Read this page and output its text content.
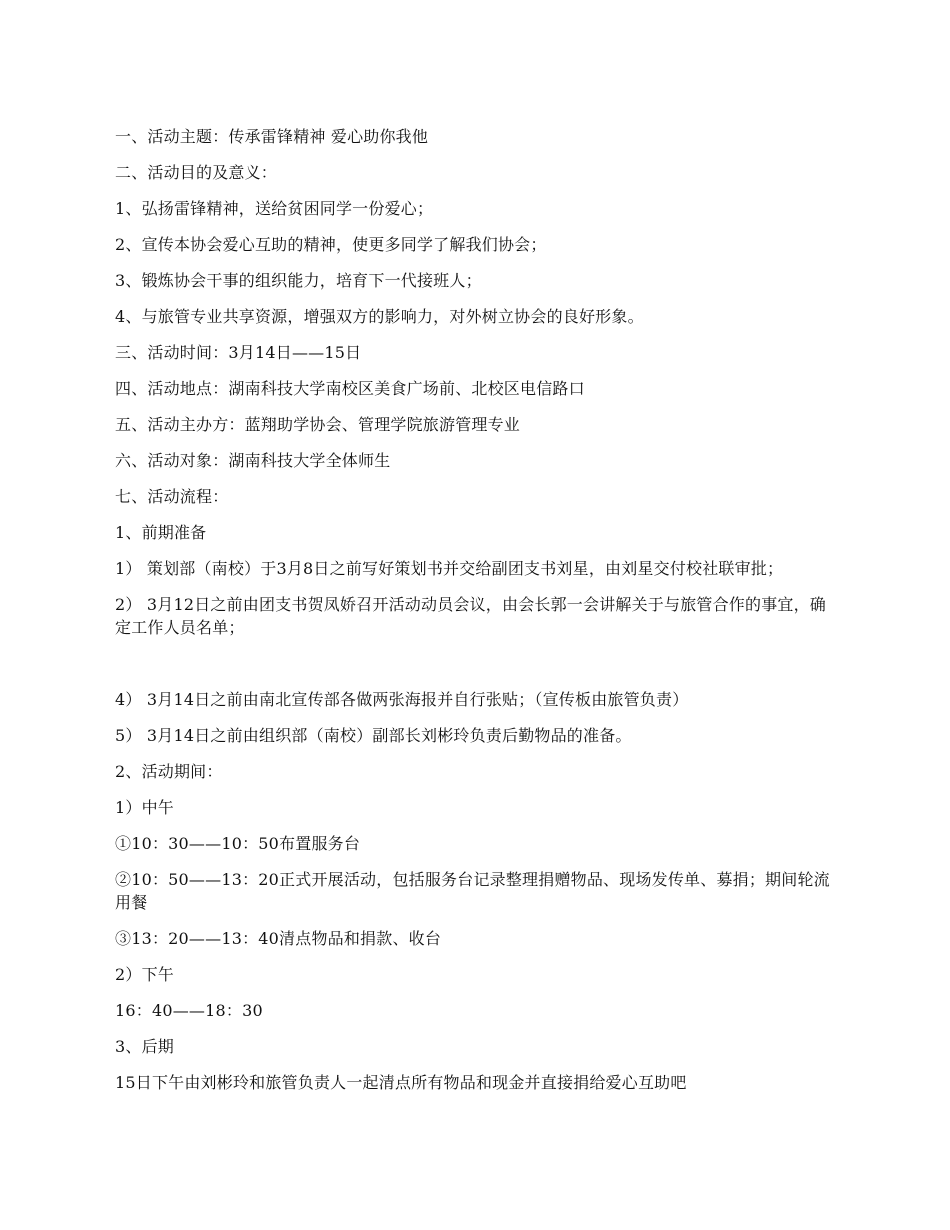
一、活动主题：传承雷锋精神 爱心助你我他

二、活动目的及意义：

1、弘扬雷锋精神，送给贫困同学一份爱心；

2、宣传本协会爱心互助的精神，使更多同学了解我们协会；

3、锻炼协会干事的组织能力，培育下一代接班人；

4、与旅管专业共享资源，增强双方的影响力，对外树立协会的良好形象。

三、活动时间：3月14日——15日

四、活动地点：湖南科技大学南校区美食广场前、北校区电信路口

五、活动主办方：蓝翔助学协会、管理学院旅游管理专业

六、活动对象：湖南科技大学全体师生

七、活动流程：

1、前期准备

1） 策划部（南校）于3月8日之前写好策划书并交给副团支书刘星，由刘星交付校社联审批；

2） 3月12日之前由团支书贺凤娇召开活动动员会议，由会长郭一会讲解关于与旅管合作的事宜，确定工作人员名单；

4） 3月14日之前由南北宣传部各做两张海报并自行张贴；（宣传板由旅管负责）

5） 3月14日之前由组织部（南校）副部长刘彬玲负责后勤物品的准备。

2、活动期间：

1）中午

①10：30——10：50布置服务台

②10：50——13：20正式开展活动，包括服务台记录整理捐赠物品、现场发传单、募捐；期间轮流用餐

③13：20——13：40清点物品和捐款、收台

2）下午

16：40——18：30

3、后期

15日下午由刘彬玲和旅管负责人一起清点所有物品和现金并直接捐给爱心互助吧
